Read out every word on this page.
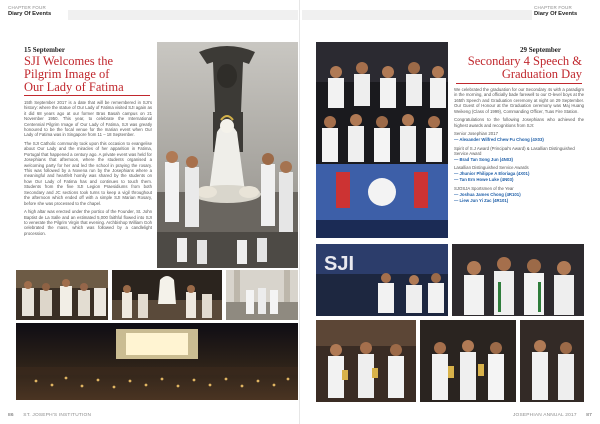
CHAPTER FOUR
Diary Of Events
15 September
SJI Welcomes the
Pilgrim Image of
Our Lady of Fatima

15th September 2017 is a date that will be remembered in SJI's history: where the statue of Our Lady of Fatima visited SJI again as it did 68 years ago at our former Bras Basah campus on 21 November 1950. This year, to celebrate the International Centennial Pilgrim Image of Our Lady of Fatima, SJI was greatly honoured to be the focal venue for the marian event when Our Lady of Fatima was in Singapore from 11 – 18 September.

The SJI Catholic community took upon this occasion to evangelise about Our Lady and the miracles of her apparition in Fatima, Portugal that happened a century ago. A private event was held for Josephians that afternoon, where the students organised a welcoming party for her and led the school in praying the rosary. This was followed by a Novena run by the Josephians where a meaningful and heartfelt homily was shared by the students on how Our Lady of Fatima has and continues to touch them. Students from the five SJI Legion Praesidiums from both Secondary and JC sections took turns to keep a vigil throughout the afternoon which ended off with a simple SJI Marian Rosary, before she was processed to the chapel.

A high altar was erected under the portico of the Founder, St. John Baptist de La Salle and an estimated 5,000 faithful flowed into SJI to venerate the Pilgrim Virgin that evening. Archbishop William Goh celebrated the mass, which was followed by a candlelight procession.

86 ST. JOSEPH'S INSTITUTION
CHAPTER FOUR
Diary Of Events
29 September
Secondary 4 Speech &
Graduation Day

We celebrated the graduation for our Secondary 4s with a paradigm in the morning, and officially bade farewell to our O-level boys at the 165th Speech and Graduation ceremony at night on 29 September. Our Guest of Honour at the Graduation ceremony was Maj Huang Weikeng (Class of 1999), Commanding Officer, Tuas Fire Station.

Congratulations to the following Josephians who achieved the highest awards and recognitions from SJI:

Senior Josephian 2017
— Alexander Wilfred Chew Fu Chong (4X03)
Spirit of S.J Award (Principal's Award) & Lasallian Distinguished Service Award
— Brad Tan Song Jun (4N03)
Lasallian Distinguished Service Awards
— Jhunior Philippe A Eloriaga (4X01)
— Tan Ern Howe Luke (4N03)
SJOSJA Sportsmen of the Year
— Joshua James Chong (4R101)
— Liew Jun Yi Zac (4R101)
SJI
JOSEPHIAN ANNUAL 2017 87
